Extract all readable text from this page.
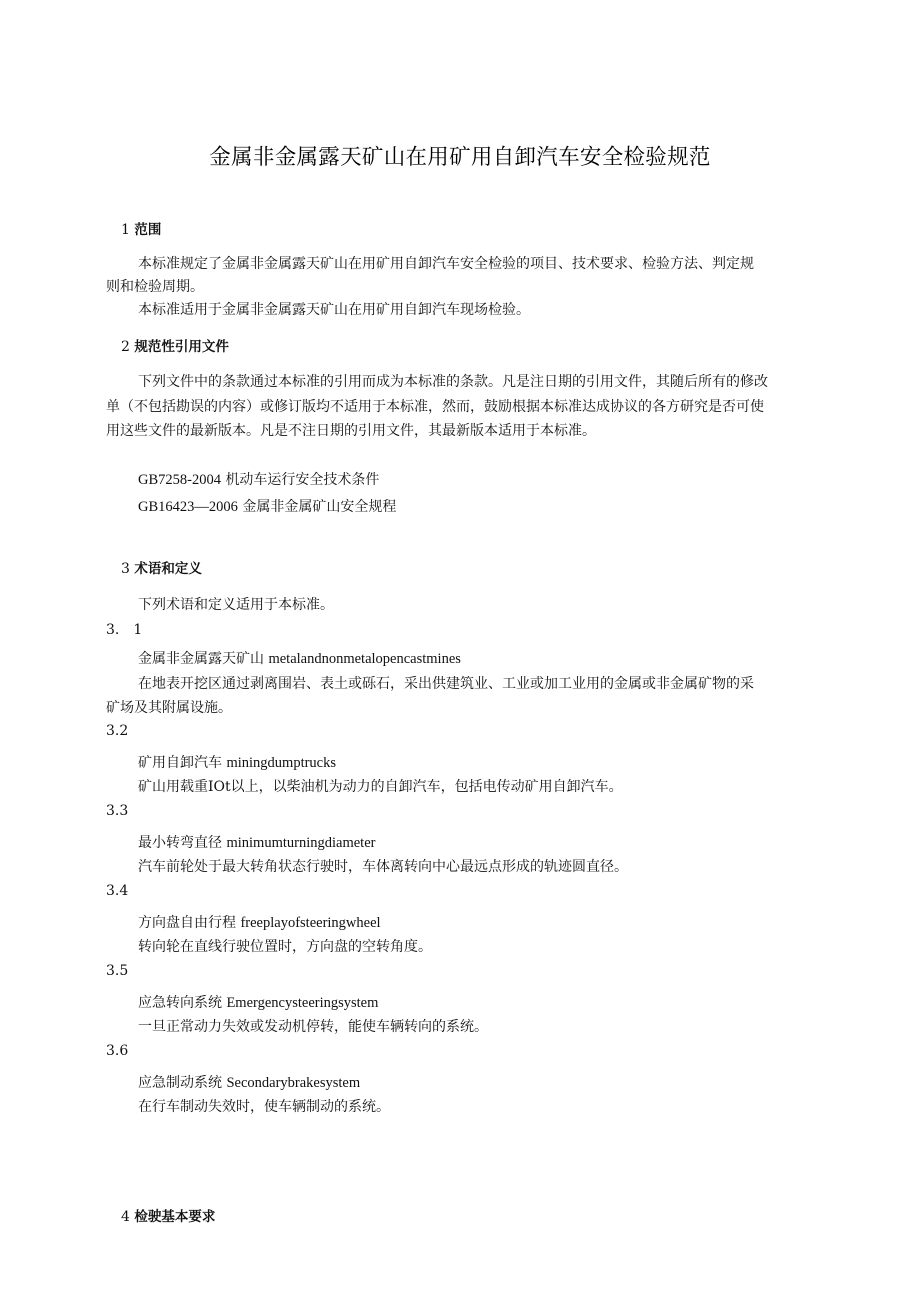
金属非金属露天矿山在用矿用自卸汽车安全检验规范
1 范围
本标准规定了金属非金属露天矿山在用矿用自卸汽车安全检验的项目、技术要求、检验方法、判定规
则和检验周期。
本标准适用于金属非金属露天矿山在用矿用自卸汽车现场检验。
2 规范性引用文件
下列文件中的条款通过本标准的引用而成为本标准的条款。凡是注日期的引用文件，其随后所有的修改
单（不包括勘误的内容）或修订版均不适用于本标准，然而，鼓励根据本标准达成协议的各方研究是否可使
用这些文件的最新版本。凡是不注日期的引用文件，其最新版本适用于本标准。
GB7258-2004 机动车运行安全技术条件
GB16423—2006 金属非金属矿山安全规程
3 术语和定义
下列术语和定义适用于本标准。
3.　1
金属非金属露天矿山 metalandnonmetalopencastmines
在地表开挖区通过剥离围岩、表土或砾石，采出供建筑业、工业或加工业用的金属或非金属矿物的采
矿场及其附属设施。
3.2
矿用自卸汽车 miningdumptrucks
矿山用载重IOt以上，以柴油机为动力的自卸汽车，包括电传动矿用自卸汽车。
3.3
最小转弯直径 minimumturningdiameter
汽车前轮处于最大转角状态行驶时，车体离转向中心最远点形成的轨迹圆直径。
3.4
方向盘自由行程 freeplayofsteeringwheel
转向轮在直线行驶位置时，方向盘的空转角度。
3.5
应急转向系统 Emergencysteeringsystem
一旦正常动力失效或发动机停转，能使车辆转向的系统。
3.6
应急制动系统 Secondarybrakesystem
在行车制动失效时，使车辆制动的系统。
4 检驶基本要求
